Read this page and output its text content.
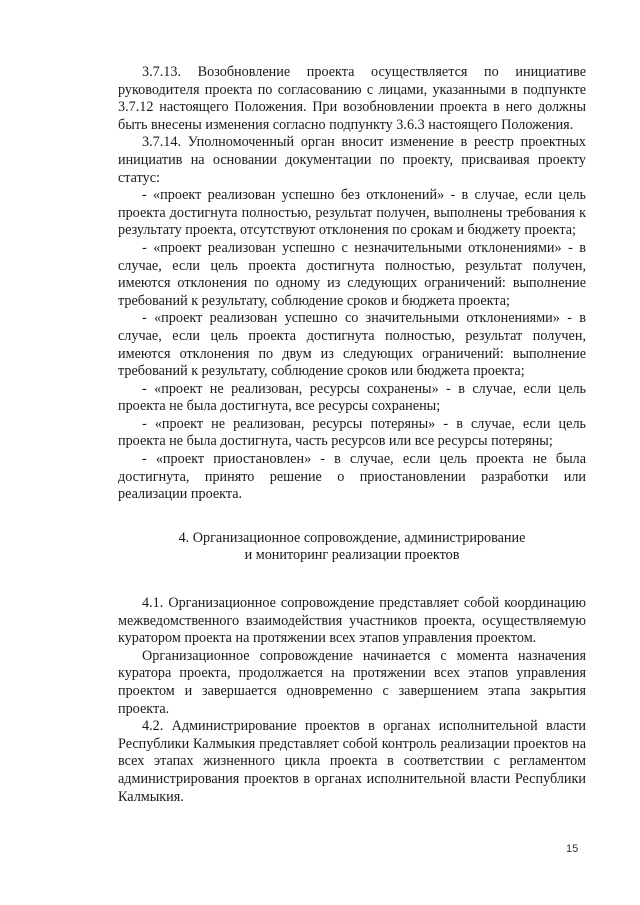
3.7.13. Возобновление проекта осуществляется по инициативе руководителя проекта по согласованию с лицами, указанными в подпункте 3.7.12 настоящего Положения. При возобновлении проекта в него должны быть внесены изменения согласно подпункту 3.6.3 настоящего Положения.

3.7.14. Уполномоченный орган вносит изменение в реестр проектных инициатив на основании документации по проекту, присваивая проекту статус:

- «проект реализован успешно без отклонений» - в случае, если цель проекта достигнута полностью, результат получен, выполнены требования к результату проекта, отсутствуют отклонения по срокам и бюджету проекта;

- «проект реализован успешно с незначительными отклонениями» - в случае, если цель проекта достигнута полностью, результат получен, имеются отклонения по одному из следующих ограничений: выполнение требований к результату, соблюдение сроков и бюджета проекта;

- «проект реализован успешно со значительными отклонениями» - в случае, если цель проекта достигнута полностью, результат получен, имеются отклонения по двум из следующих ограничений: выполнение требований к результату, соблюдение сроков или бюджета проекта;

- «проект не реализован, ресурсы сохранены» - в случае, если цель проекта не была достигнута, все ресурсы сохранены;

- «проект не реализован, ресурсы потеряны» - в случае, если цель проекта не была достигнута, часть ресурсов или все ресурсы потеряны;

- «проект приостановлен» - в случае, если цель проекта не была достигнута, принято решение о приостановлении разработки или реализации проекта.

4. Организационное сопровождение, администрирование
и мониторинг реализации проектов

4.1. Организационное сопровождение представляет собой координацию межведомственного взаимодействия участников проекта, осуществляемую куратором проекта на протяжении всех этапов управления проектом.

Организационное сопровождение начинается с момента назначения куратора проекта, продолжается на протяжении всех этапов управления проектом и завершается одновременно с завершением этапа закрытия проекта.

4.2. Администрирование проектов в органах исполнительной власти Республики Калмыкия представляет собой контроль реализации проектов на всех этапах жизненного цикла проекта в соответствии с регламентом администрирования проектов в органах исполнительной власти Республики Калмыкия.

15
